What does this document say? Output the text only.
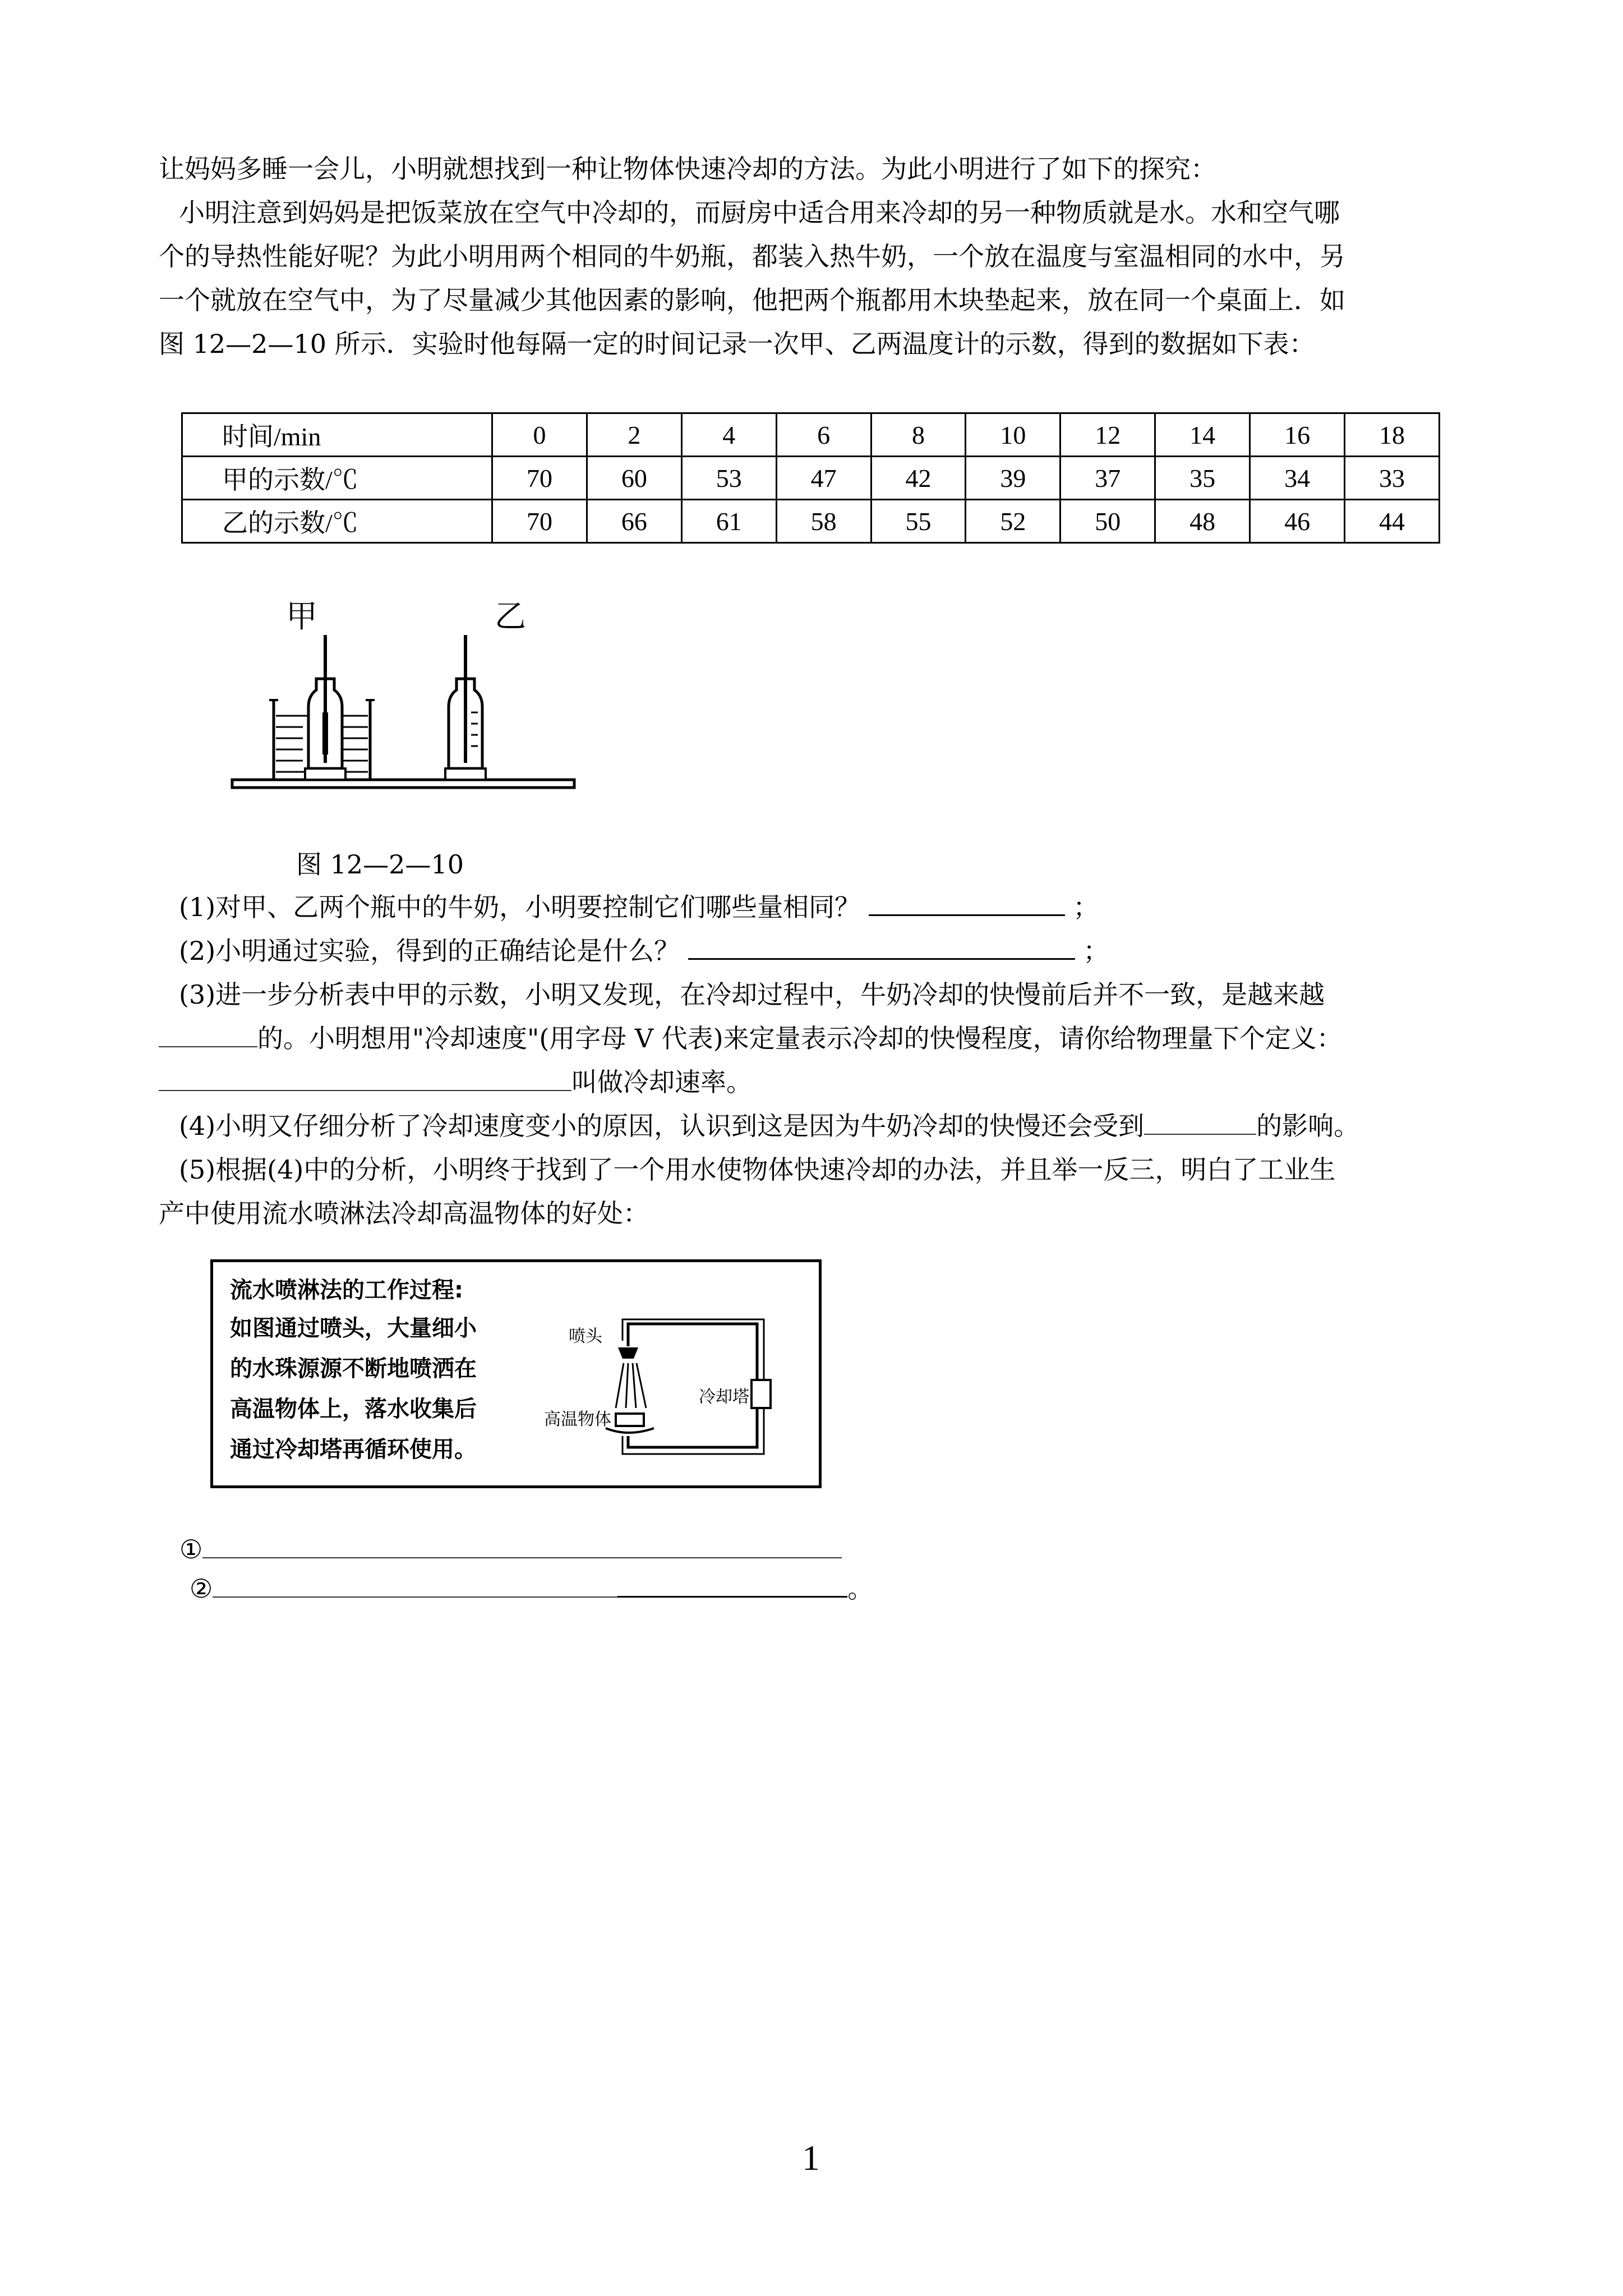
让妈妈多睡一会儿，小明就想找到一种让物体快速冷却的方法。为此小明进行了如下的探究：
小明注意到妈妈是把饭菜放在空气中冷却的，而厨房中适合用来冷却的另一种物质就是水。水和空气哪
个的导热性能好呢？为此小明用两个相同的牛奶瓶，都装入热牛奶，一个放在温度与室温相同的水中，另
一个就放在空气中，为了尽量减少其他因素的影响，他把两个瓶都用木块垫起来，放在同一个桌面上．如
图 12—2—10 所示．实验时他每隔一定的时间记录一次甲、乙两温度计的示数，得到的数据如下表：
时间/min	0	2	4	6	8	10	12	14	16	18
甲的示数/℃	70	60	53	47	42	39	37	35	34	33
乙的示数/℃	70	66	61	58	55	52	50	48	46	44
甲	乙
图 12—2—10
(1)对甲、乙两个瓶中的牛奶，小明要控制它们哪些量相同？	；
(2)小明通过实验，得到的正确结论是什么？	；
(3)进一步分析表中甲的示数，小明又发现，在冷却过程中，牛奶冷却的快慢前后并不一致，是越来越
的。小明想用"冷却速度"(用字母 V 代表)来定量表示冷却的快慢程度，请你给物理量下个定义：
叫做冷却速率。
(4)小明又仔细分析了冷却速度变小的原因，认识到这是因为牛奶冷却的快慢还会受到	的影响。
(5)根据(4)中的分析，小明终于找到了一个用水使物体快速冷却的办法，并且举一反三，明白了工业生
产中使用流水喷淋法冷却高温物体的好处：
流水喷淋法的工作过程:
如图通过喷头，大量细小
的水珠源源不断地喷洒在
高温物体上，落水收集后
通过冷却塔再循环使用。
喷头
高温物体
冷却塔
①
②	。
1
